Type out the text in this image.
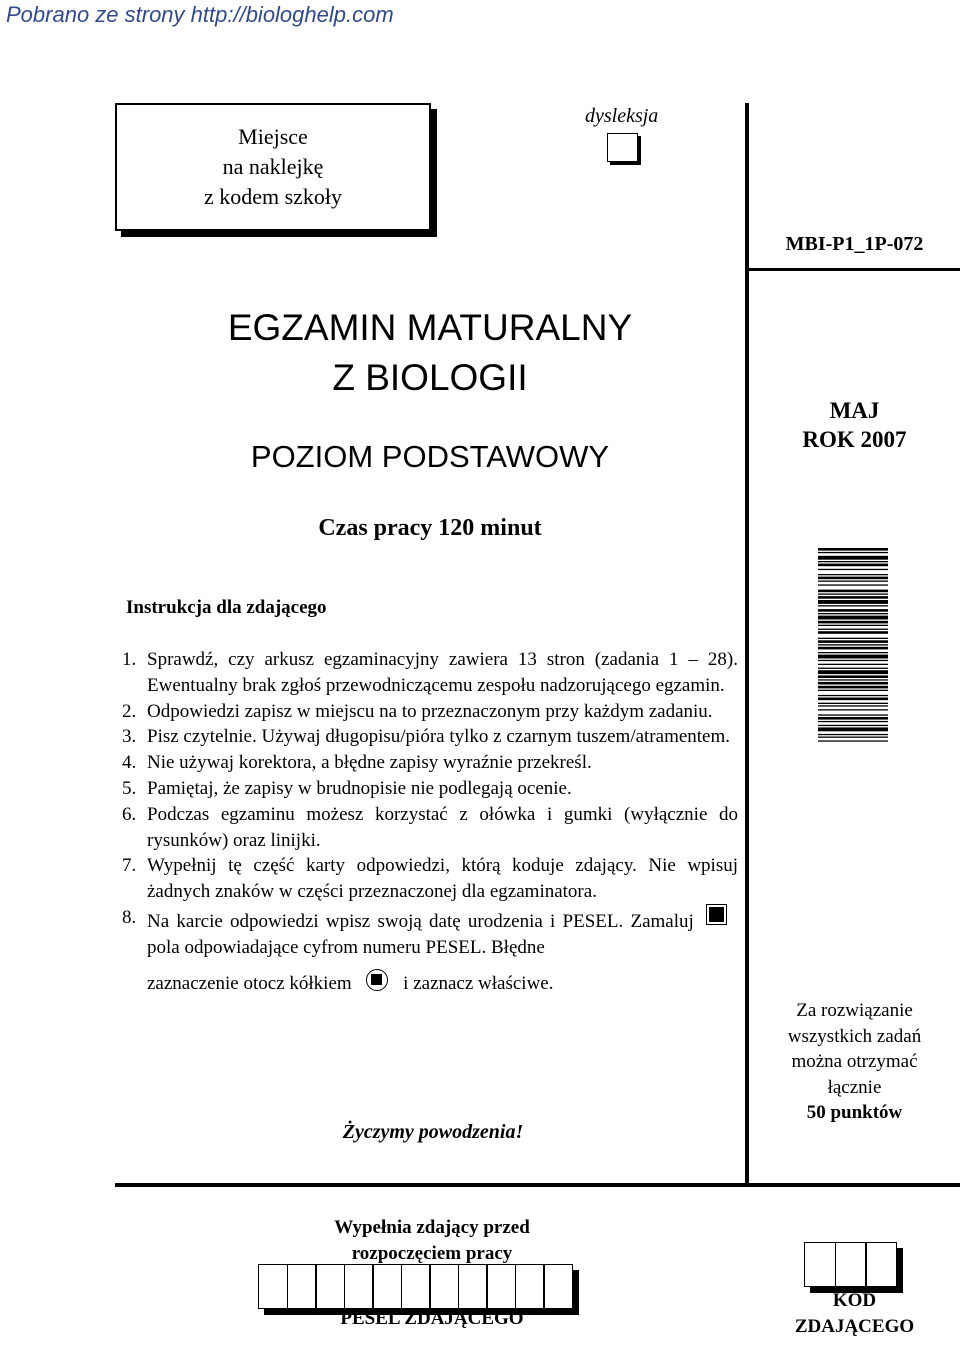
Pobrano ze strony http://biologhelp.com
Miejsce
na naklejkę
z kodem szkoły
dysleksja
MBI-P1_1P-072
EGZAMIN MATURALNY
Z BIOLOGII
POZIOM PODSTAWOWY
MAJ
ROK 2007
Czas pracy 120 minut
Instrukcja dla zdającego
1. Sprawdź, czy arkusz egzaminacyjny zawiera 13 stron (zadania 1 – 28). Ewentualny brak zgłoś przewodniczącemu zespołu nadzorującego egzamin.
2. Odpowiedzi zapisz w miejscu na to przeznaczonym przy każdym zadaniu.
3. Pisz czytelnie. Używaj długopisu/pióra tylko z czarnym tuszem/atramentem.
4. Nie używaj korektora, a błędne zapisy wyraźnie przekreśl.
5. Pamiętaj, że zapisy w brudnopisie nie podlegają ocenie.
6. Podczas egzaminu możesz korzystać z ołówka i gumki (wyłącznie do rysunków) oraz linijki.
7. Wypełnij tę część karty odpowiedzi, którą koduje zdający. Nie wpisuj żadnych znaków w części przeznaczonej dla egzaminatora.
8. Na karcie odpowiedzi wpisz swoją datę urodzenia i PESEL. Zamaluj  pola odpowiadające cyfrom numeru PESEL. Błędne
zaznaczenie otocz kółkiem	i zaznacz właściwe.
Życzymy powodzenia!
Za rozwiązanie
wszystkich zadań
można otrzymać
łącznie
50 punktów
Wypełnia zdający przed
rozpoczęciem pracy
PESEL ZDAJĄCEGO
KOD
ZDAJĄCEGO
